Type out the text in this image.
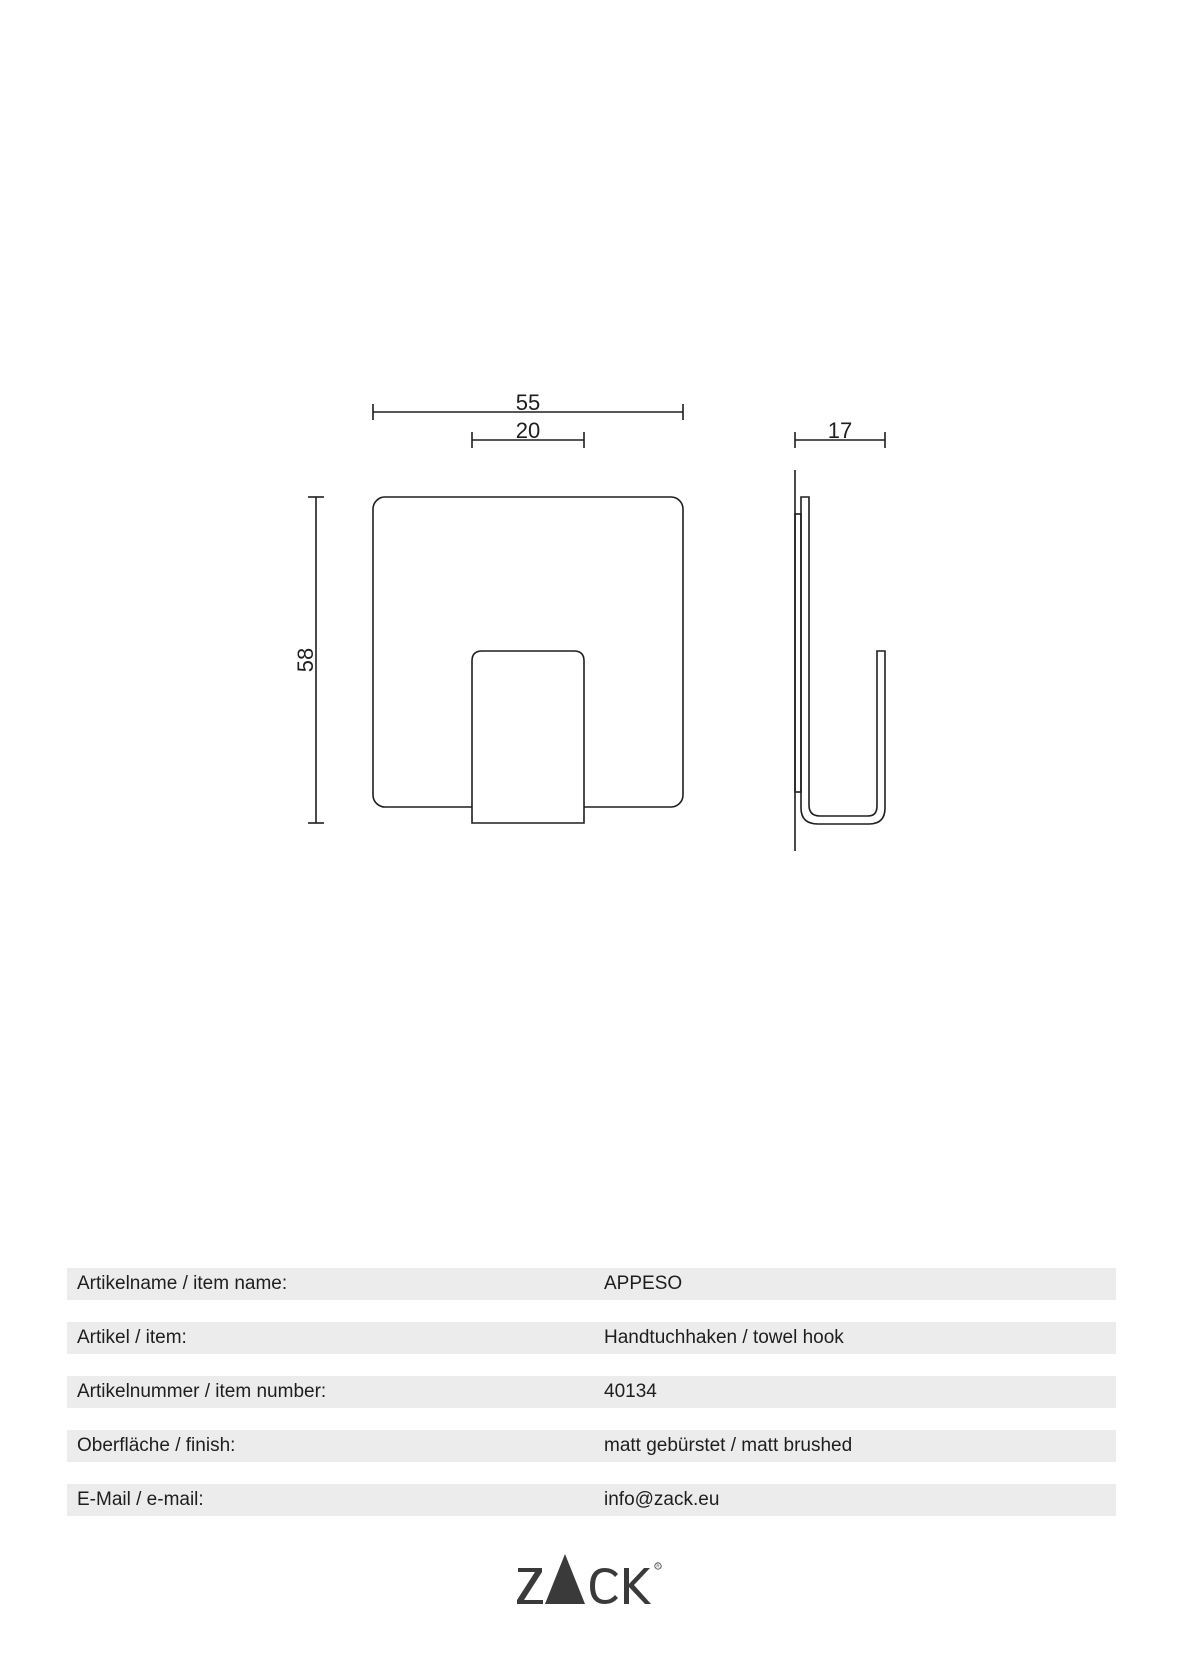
55
20	17
58
Artikelname / item name:	APPESO
Artikel / item:	Handtuchhaken / towel hook
Artikelnummer / item number:	40134
Oberfläche / finish:	matt gebürstet / matt brushed
E-Mail / e-mail:	info@zack.eu
R
